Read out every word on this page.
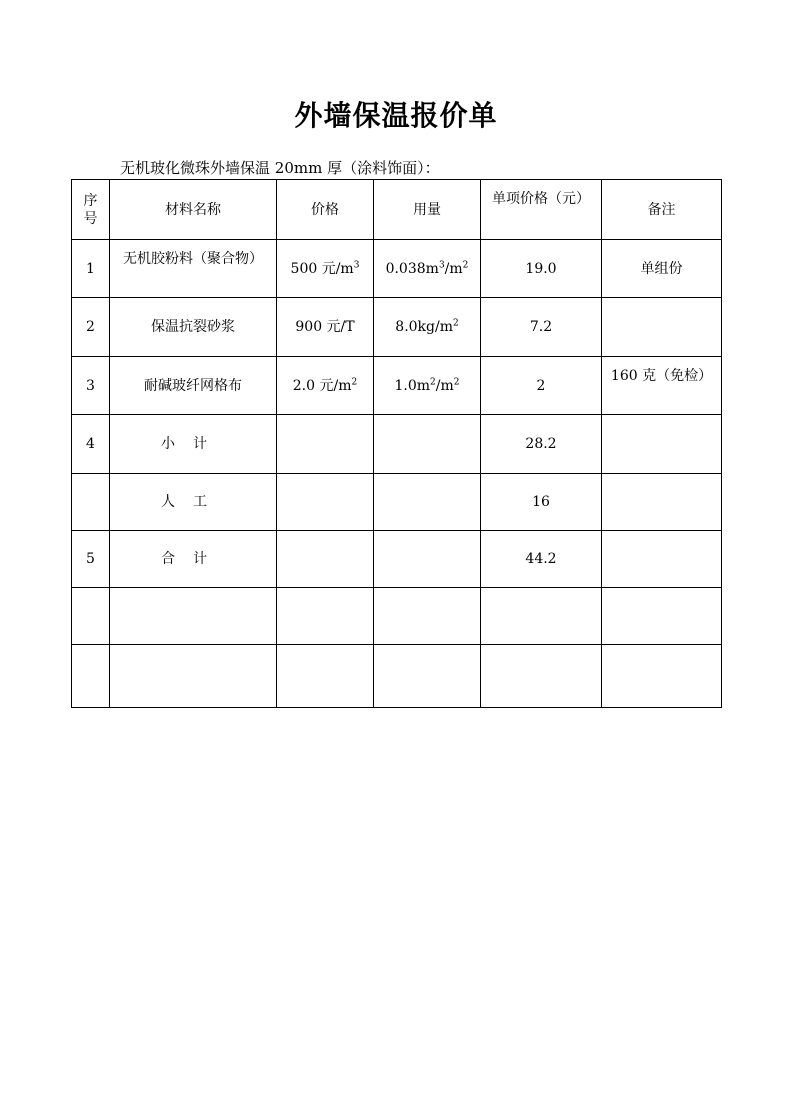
外墙保温报价单
无机玻化微珠外墙保温 20mm 厚（涂料饰面）：
序
号	材料名称	价格	用量	单项价格（元）	备注
1	无机胶粉料（聚合物）	500 元$/m^3$	$0.038m^3/m^2$	19.0	单组份
2	保温抗裂砂浆	900 元/T	$8.0kg/m^2$	7.2	
3	耐碱玻纤网格布	2.0 元$/m^2$	$1.0m^2/m^2$	2	160 克（免检）
4	小计			28.2	
	人工			16	
5	合计			44.2	
